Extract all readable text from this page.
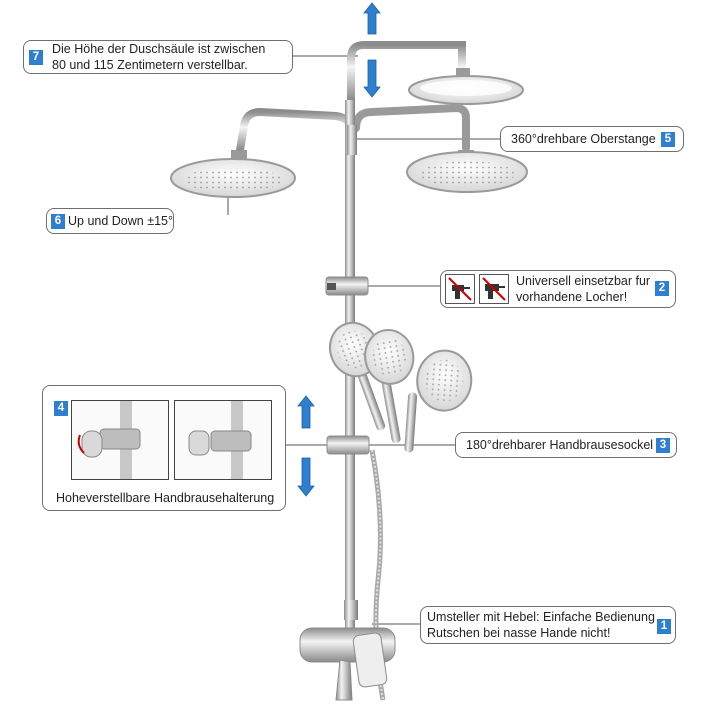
7
Die Höhe der Duschsäule ist zwischen
80 und 115 Zentimetern verstellbar.
360°drehbare Oberstange 5
6 Up und Down ±15°
Universell einsetzbar fur
vorhandene Locher!
2
4
Hoheverstellbare Handbrausehalterung
180°drehbarer Handbrausesockel 3
Umsteller mit Hebel: Einfache Bedienung
Rutschen bei nasse Hande nicht!	1
